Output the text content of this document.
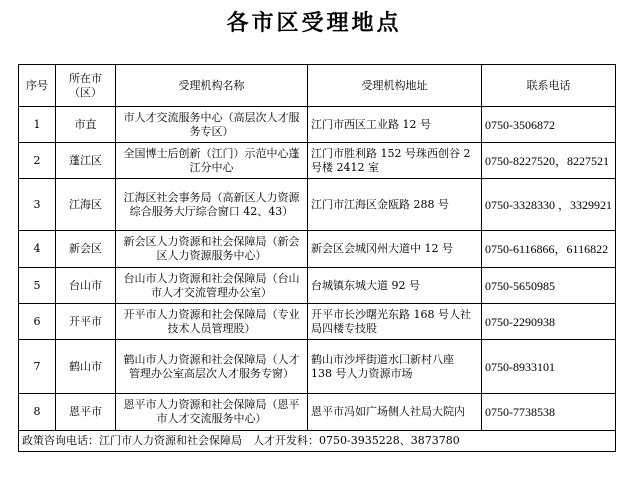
各市区受理地点
序号	所在市（区）	受理机构名称	受理机构地址	联系电话
1	市直	市人才交流服务中心（高层次人才服务专区）	江门市西区工业路 12 号	0750-3506872
2	蓬江区	全国博士后创新（江门）示范中心蓬江分中心	江门市胜利路 152 号珠西创谷 2 号楼 2412 室	0750-8227520，8227521
3	江海区	江海区社会事务局（高新区人力资源综合服务大厅综合窗口 42、43）	江门市江海区金瓯路 288 号	0750-3328330 ，3329921
4	新会区	新会区人力资源和社会保障局（新会区人力资源服务中心）	新会区会城冈州大道中 12 号	0750-6116866，6116822
5	台山市	台山市人力资源和社会保障局（台山市人才交流管理办公室）	台城镇东城大道 92 号	0750-5650985
6	开平市	开平市人力资源和社会保障局（专业技术人员管理股）	开平市长沙曙光东路 168 号人社局四楼专技股	0750-2290938
7	鹤山市	鹤山市人力资源和社会保障局（人才管理办公室高层次人才服务专窗）	鹤山市沙坪街道水囗新村八座 138 号人力资源市场	0750-8933101
8	恩平市	恩平市人力资源和社会保障局（恩平市人才交流服务中心）	恩平市冯如广场侧人社局大院内	0750-7738538
政策咨询电话：江门市人力资源和社会保障局　人才开发科：0750-3935228、3873780				
